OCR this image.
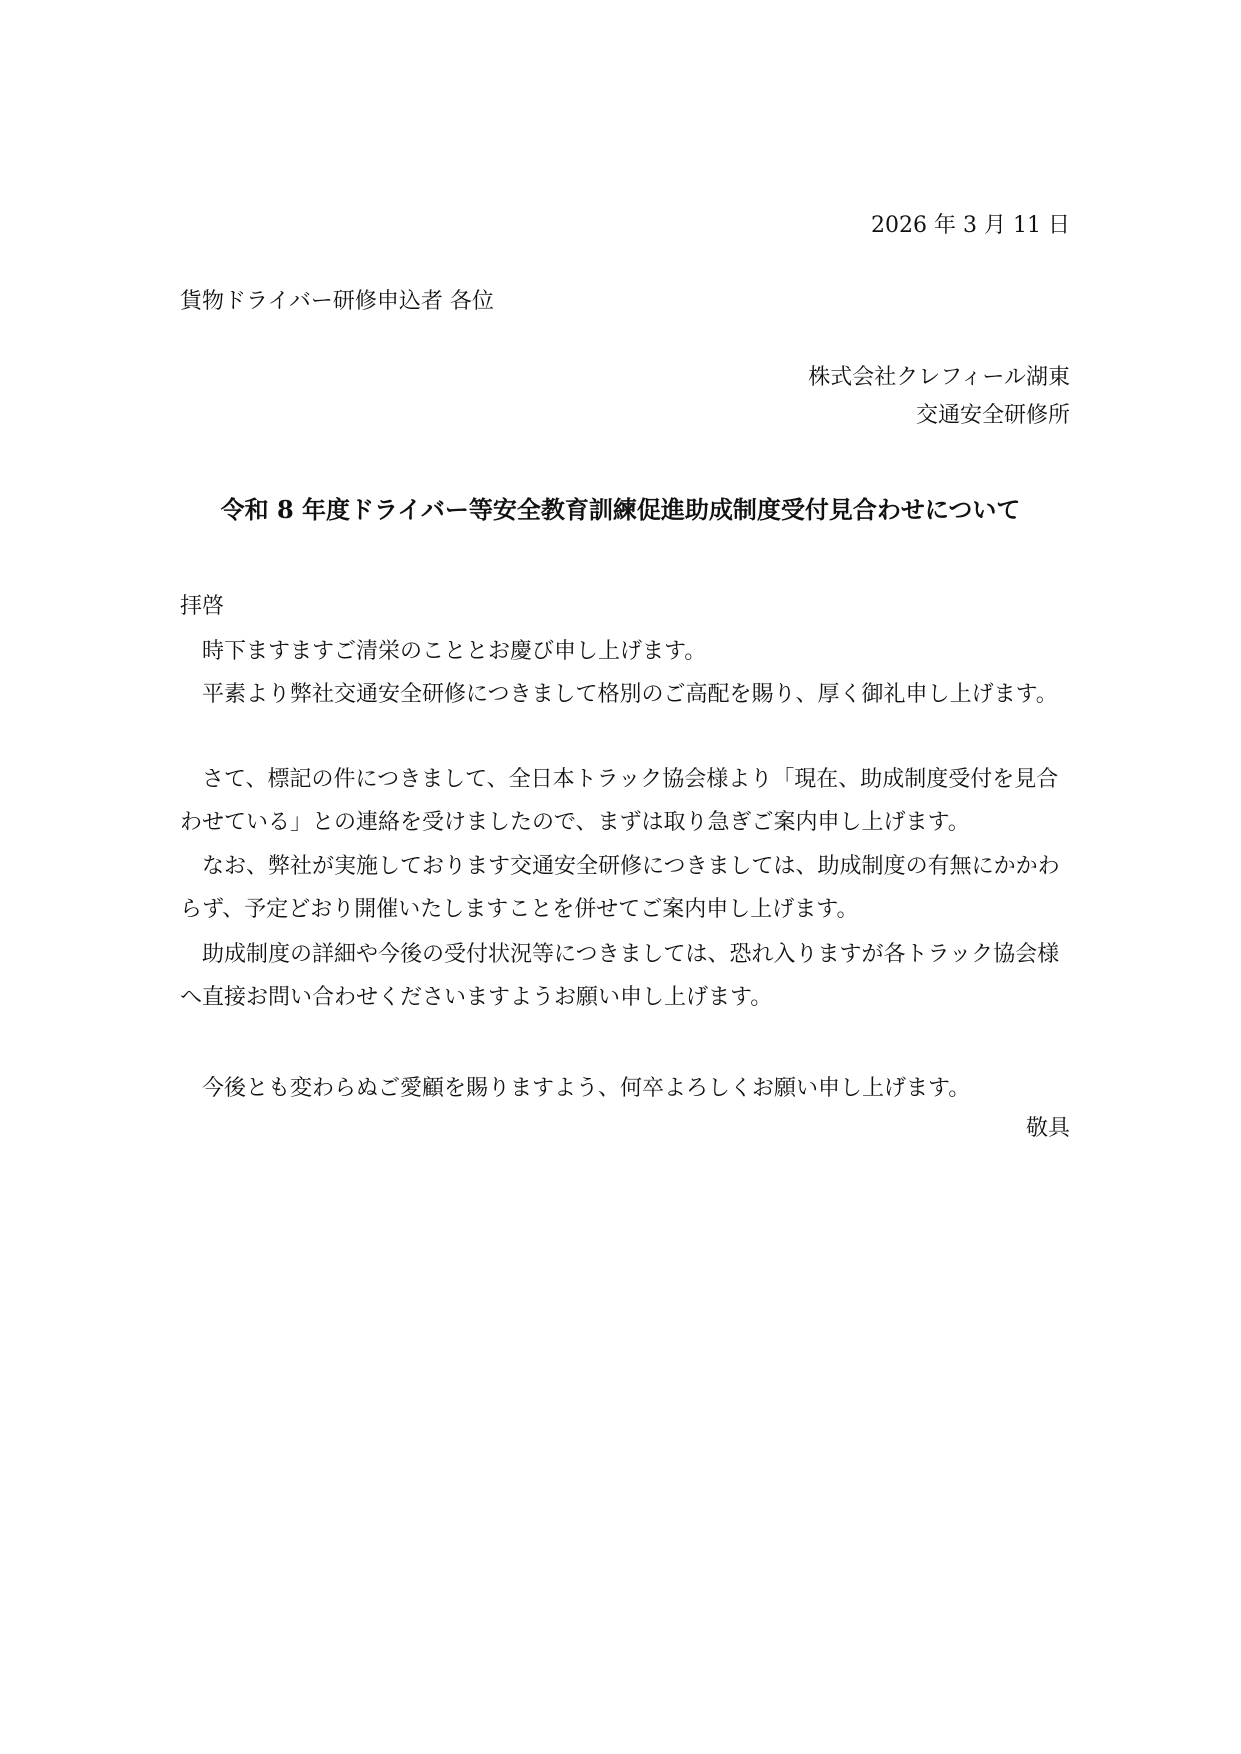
2026 年 3 月 11 日
貨物ドライバー研修申込者 各位
株式会社クレフィール湖東
交通安全研修所
令和 8 年度ドライバー等安全教育訓練促進助成制度受付見合わせについて
拝啓
　時下ますますご清栄のこととお慶び申し上げます。
　平素より弊社交通安全研修につきまして格別のご高配を賜り、厚く御礼申し上げます。
　さて、標記の件につきまして、全日本トラック協会様より「現在、助成制度受付を見合
わせている」との連絡を受けましたので、まずは取り急ぎご案内申し上げます。
　なお、弊社が実施しております交通安全研修につきましては、助成制度の有無にかかわ
らず、予定どおり開催いたしますことを併せてご案内申し上げます。
　助成制度の詳細や今後の受付状況等につきましては、恐れ入りますが各トラック協会様
へ直接お問い合わせくださいますようお願い申し上げます。
　今後とも変わらぬご愛顧を賜りますよう、何卒よろしくお願い申し上げます。
敬具
